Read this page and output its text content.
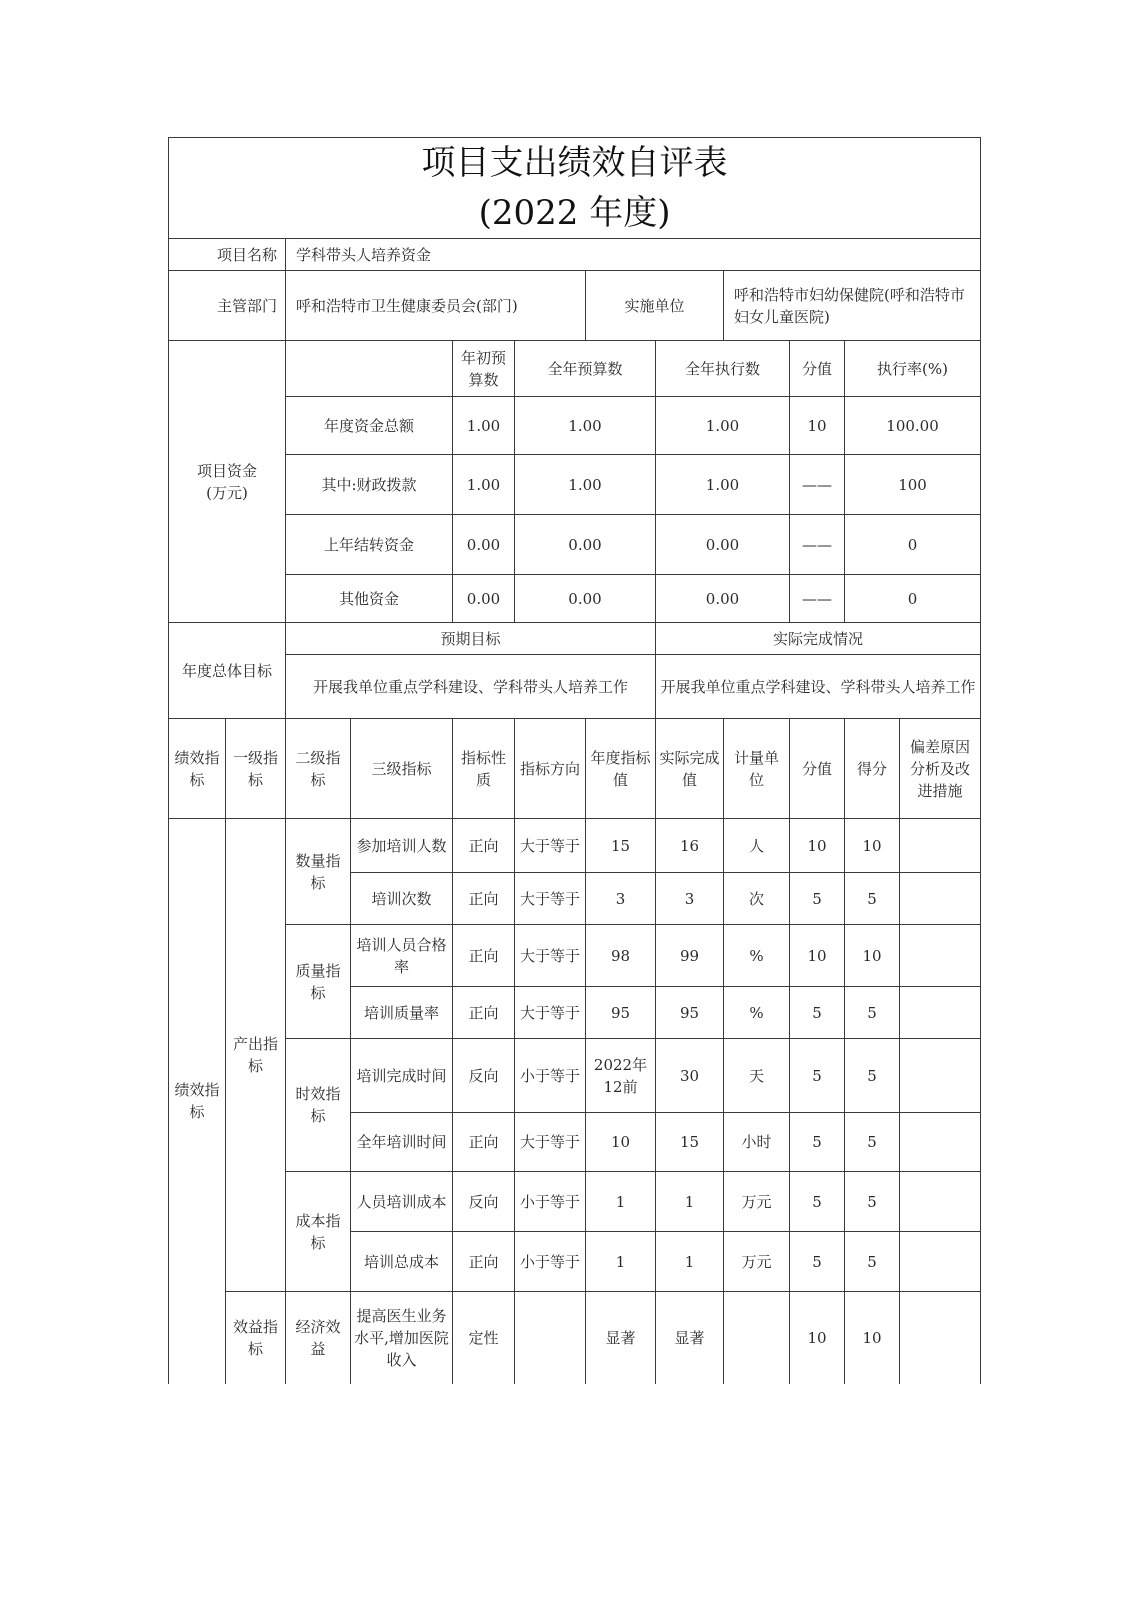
项目支出绩效自评表
(2022 年度)												

项目名称		学科带头人培养资金										
主管部门		呼和浩特市卫生健康委员会(部门)				实施单位		呼和浩特市妇幼保健院(呼和浩特市妇女儿童医院)				
项目资金
(万元)				年初预算数	全年预算数		全年执行数		分值	执行率(%)	
		年度资金总额		1.00	1.00		1.00		10	100.00	
		其中:财政拨款		1.00	1.00		1.00		——	100	
		上年结转资金		0.00	0.00		0.00		——	0	
		其他资金		0.00	0.00		0.00		——	0	
年度总体目标		预期目标					实际完成情况					
		开展我单位重点学科建设、学科带头人培养工作					开展我单位重点学科建设、学科带头人培养工作					
绩效指标	一级指标	二级指标	三级指标	指标性质	指标方向	年度指标值	实际完成值	计量单位	分值	得分	偏差原因分析及改进措施	
绩效指标	产出指标	数量指标	参加培训人数	正向	大于等于	15	16	人	10	10		
			培训次数	正向	大于等于	3	3	次	5	5		
		质量指标	培训人员合格率	正向	大于等于	98	99	%	10	10		
			培训质量率	正向	大于等于	95	95	%	5	5		
		时效指标	培训完成时间	反向	小于等于	2022年12前	30	天	5	5		
			全年培训时间	正向	大于等于	10	15	小时	5	5		
		成本指标	人员培训成本	反向	小于等于	1	1	万元	5	5		
			培训总成本	正向	小于等于	1	1	万元	5	5		
	效益指标	经济效益	提高医生业务水平,增加医院收入	定性		显著	显著		10	10		
